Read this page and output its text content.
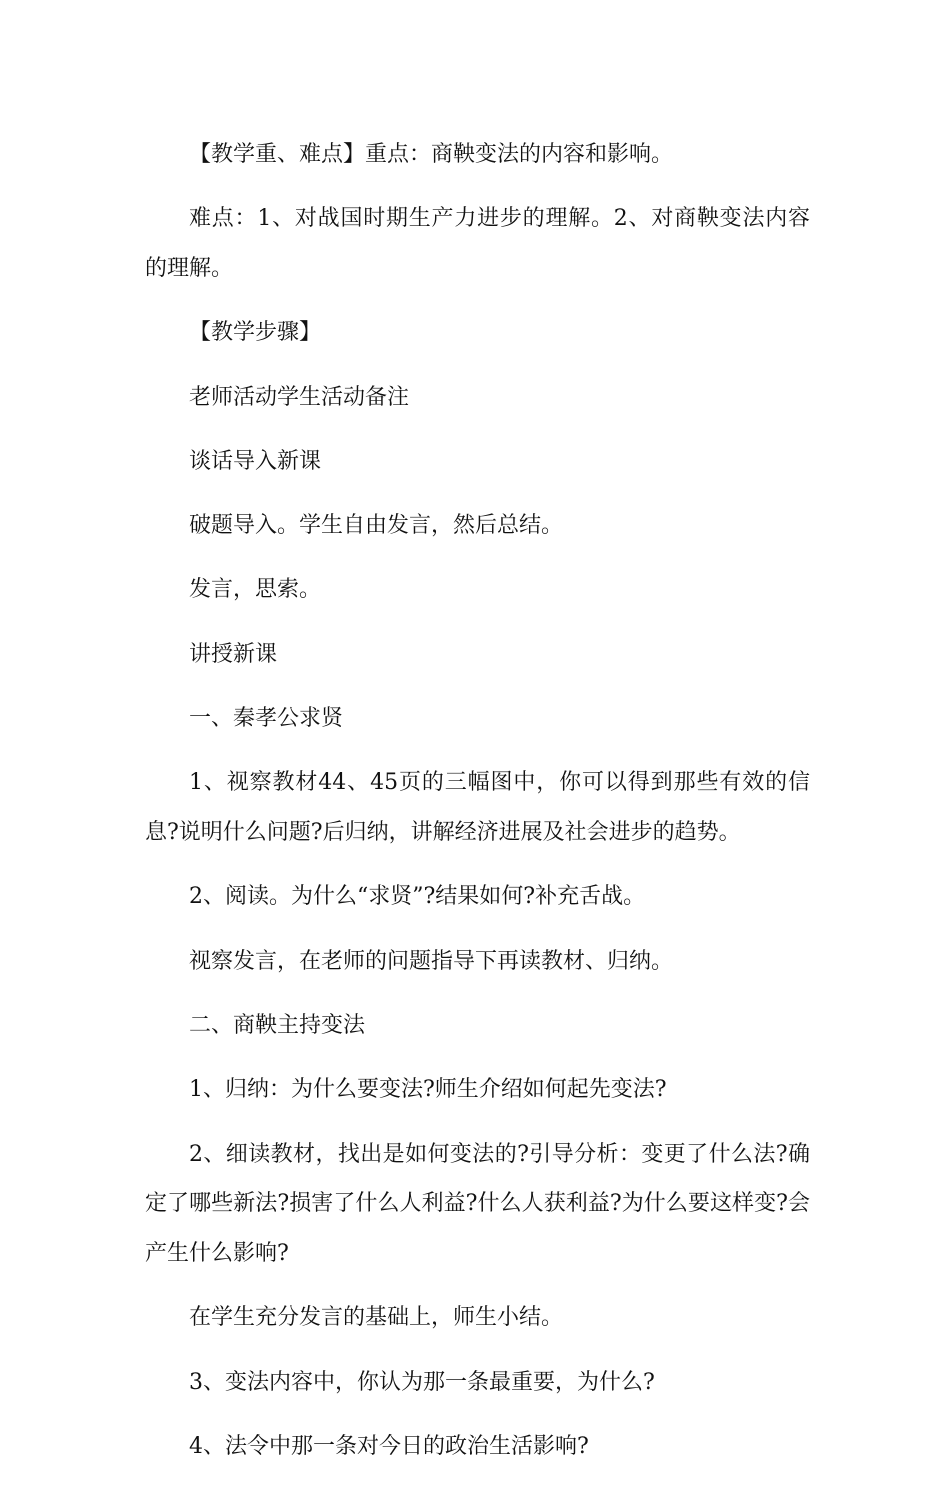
【教学重、难点】重点：商鞅变法的内容和影响。

难点：1、对战国时期生产力进步的理解。2、对商鞅变法内容的理解。

【教学步骤】

老师活动学生活动备注

谈话导入新课

破题导入。学生自由发言，然后总结。

发言，思索。

讲授新课

一、秦孝公求贤

1、视察教材44、45页的三幅图中，你可以得到那些有效的信息?说明什么问题?后归纳，讲解经济进展及社会进步的趋势。

2、阅读。为什么“求贤”?结果如何?补充舌战。

视察发言，在老师的问题指导下再读教材、归纳。

二、商鞅主持变法

1、归纳：为什么要变法?师生介绍如何起先变法?

2、细读教材，找出是如何变法的?引导分析：变更了什么法?确定了哪些新法?损害了什么人利益?什么人获利益?为什么要这样变?会产生什么影响?

在学生充分发言的基础上，师生小结。

3、变法内容中，你认为那一条最重要，为什么?

4、法令中那一条对今日的政治生活影响?
